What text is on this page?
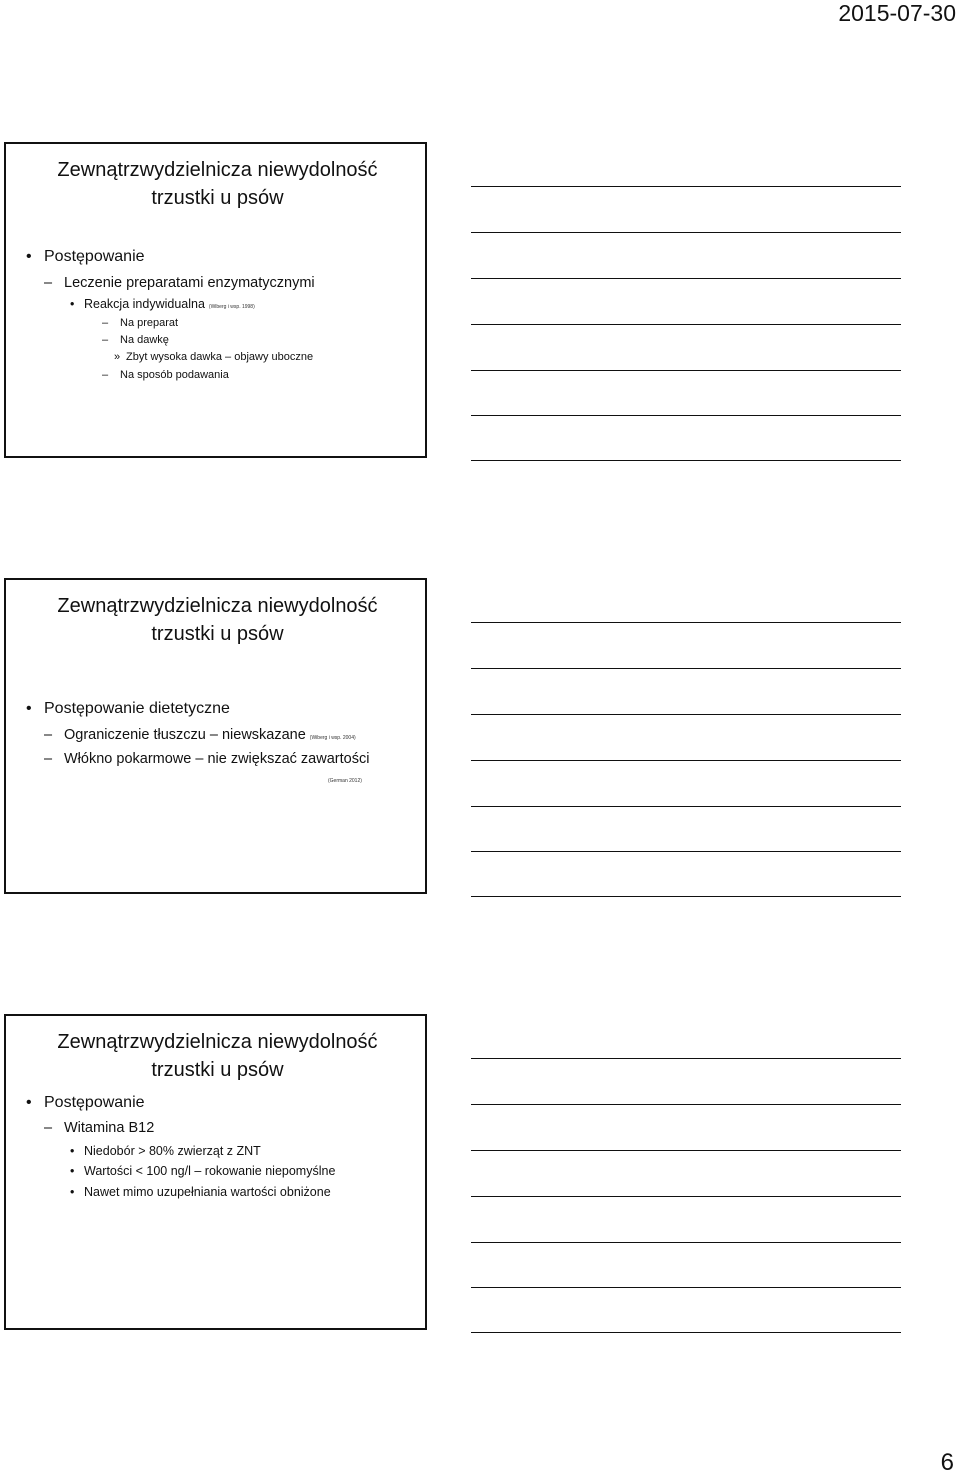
2015-07-30
Zewnątrzwydzielnicza niewydolność
trzustki u psów
• Postępowanie
– Leczenie preparatami enzymatycznymi
• Reakcja indywidualna (Wiberg i wsp. 1998)
– Na preparat
– Na dawkę
» Zbyt wysoka dawka – objawy uboczne
– Na sposób podawania
Zewnątrzwydzielnicza niewydolność
trzustki u psów
• Postępowanie dietetyczne
– Ograniczenie tłuszczu – niewskazane (Wiberg i wsp. 2004)
– Włókno pokarmowe – nie zwiększać zawartości
(German 2012)
Zewnątrzwydzielnicza niewydolność
trzustki u psów
• Postępowanie
– Witamina B12
• Niedobór > 80% zwierząt z ZNT
• Wartości < 100 ng/l – rokowanie niepomyślne
• Nawet mimo uzupełniania wartości obniżone
6
